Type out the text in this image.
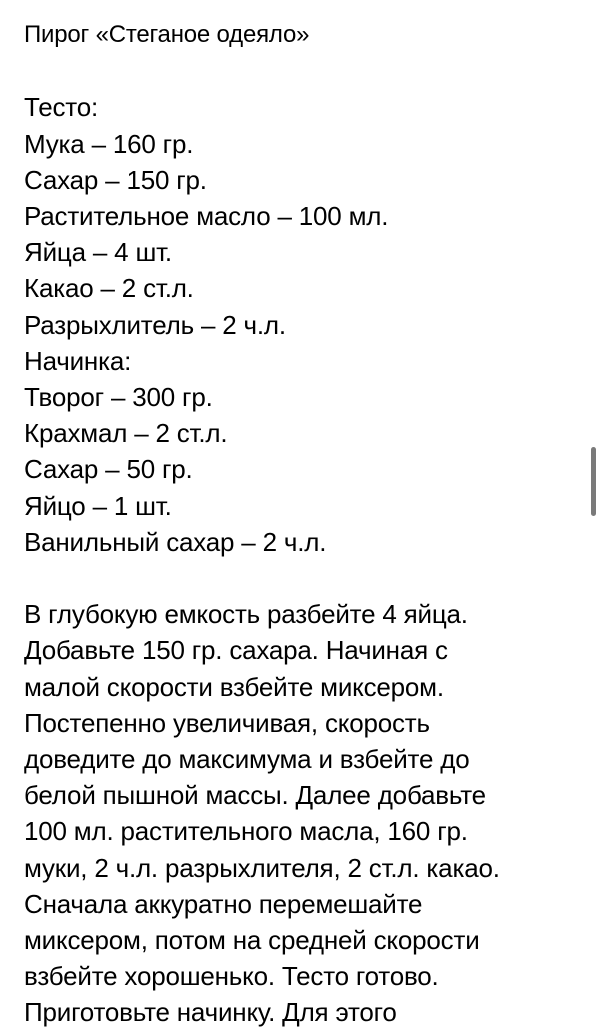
Пирог «Стеганое одеяло»
Тесто:
Мука – 160 гр.
Сахар – 150 гр.
Растительное масло – 100 мл.
Яйца – 4 шт.
Какао – 2 ст.л.
Разрыхлитель – 2 ч.л.
Начинка:
Творог – 300 гр.
Крахмал – 2 ст.л.
Сахар – 50 гр.
Яйцо – 1 шт.
Ванильный сахар – 2 ч.л.
В глубокую емкость разбейте 4 яйца.
Добавьте 150 гр. сахара. Начиная с
малой скорости взбейте миксером.
Постепенно увеличивая, скорость
доведите до максимума и взбейте до
белой пышной массы. Далее добавьте
100 мл. растительного масла, 160 гр.
муки, 2 ч.л. разрыхлителя, 2 ст.л. какао.
Сначала аккуратно перемешайте
миксером, потом на средней скорости
взбейте хорошенько. Тесто готово.
Приготовьте начинку. Для этого
